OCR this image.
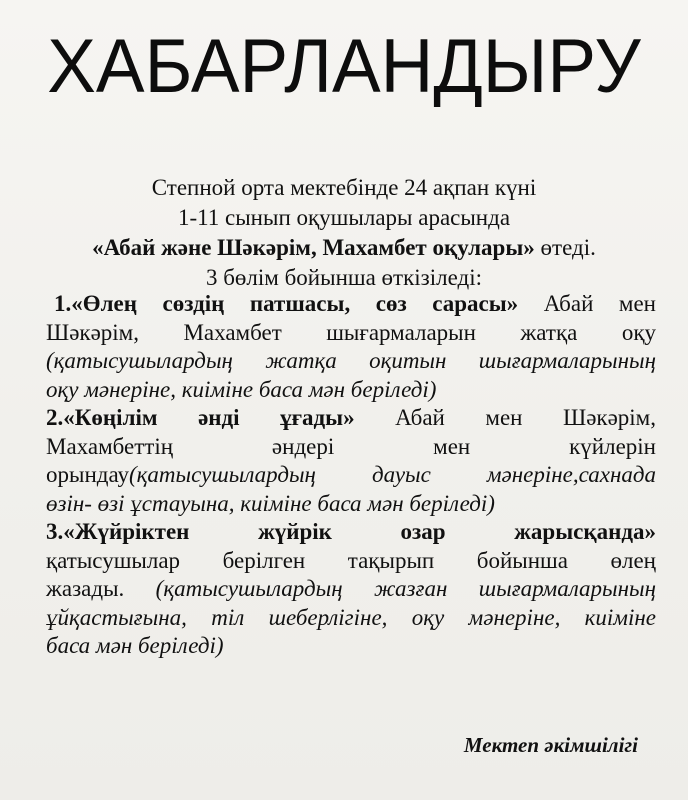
ХАБАРЛАНДЫРУ
Степной орта мектебінде 24 ақпан күні
1-11 сынып оқушылары арасында
«Абай және Шәкәрім, Махамбет оқулары» өтеді.
3 бөлім бойынша өткізіледі:
1.«Өлең сөздің патшасы, сөз сарасы» Абай мен
Шәкәрім, Махамбет шығармаларын жатқа оқу
(қатысушылардың жатқа оқитын шығармаларының
оқу мәнеріне, киіміне баса мән беріледі)
2.«Көңілім әнді ұғады» Абай мен Шәкәрім,
Махамбеттің әндері мен күйлерін
орындау(қатысушылардың дауыс мәнеріне,сахнада
өзін- өзі ұстауына, киіміне баса мән беріледі)
3.«Жүйріктен жүйрік озар жарысқанда»
қатысушылар берілген тақырып бойынша өлең
жазады. (қатысушылардың жазған шығармаларының
ұйқастығына, тіл шеберлігіне, оқу мәнеріне, киіміне
баса мән беріледі)
Мектеп әкімшілігі
